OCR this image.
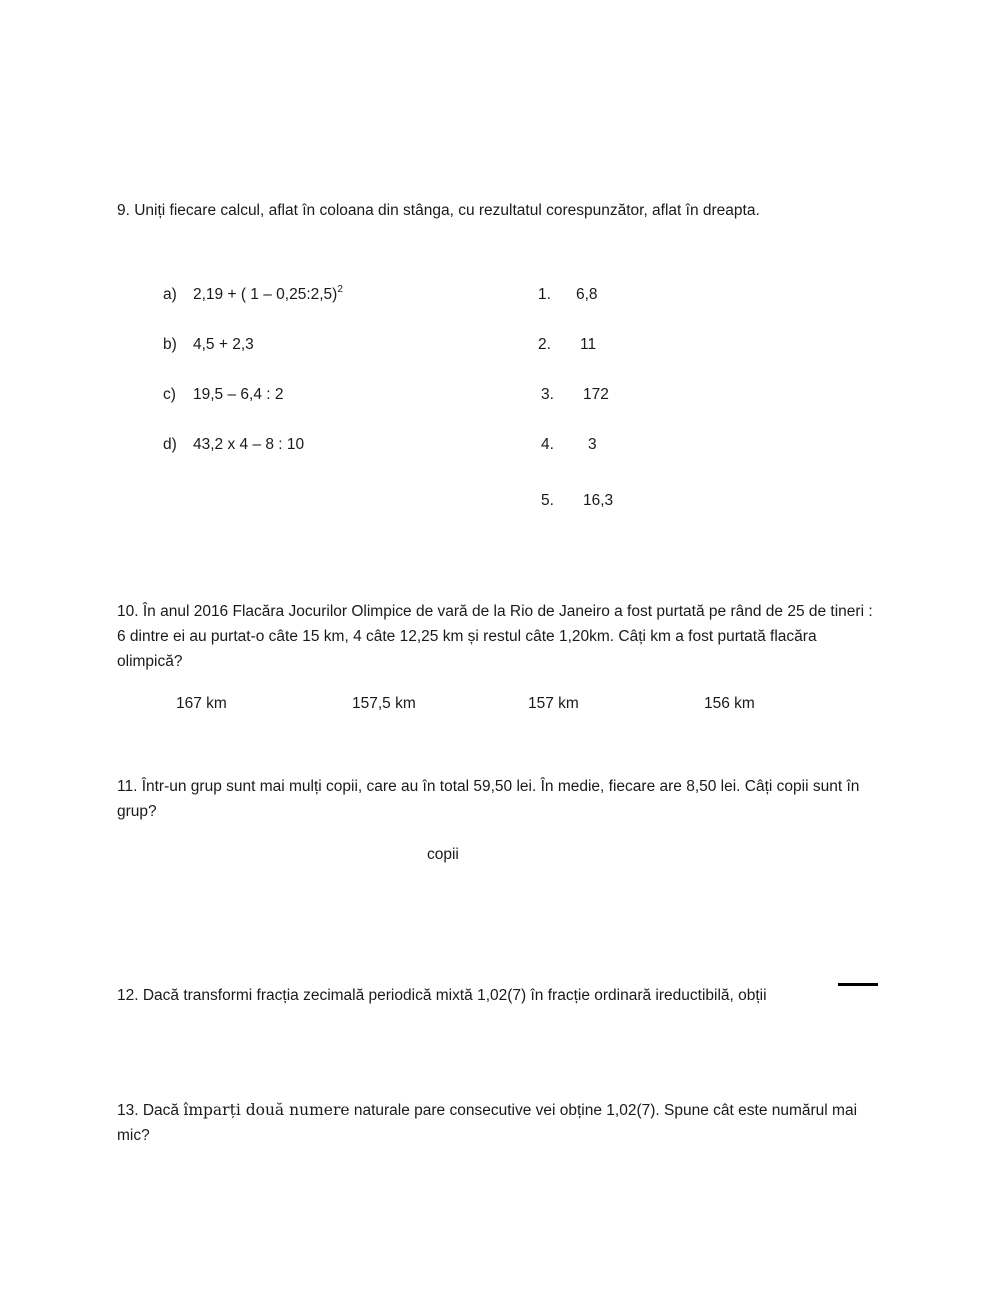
9. Uniți fiecare calcul, aflat în coloana din stânga, cu rezultatul corespunzător, aflat în dreapta.
a) 2,19 + ( 1 – 0,25:2,5)$^2$
b) 4,5 + 2,3
c) 19,5 – 6,4 : 2
d) 43,2 x 4 – 8 : 10
1. 6,8
2. 11
3. 172
4. 3
5. 16,3
10. În anul 2016 Flacăra Jocurilor Olimpice de vară de la Rio de Janeiro a fost purtată pe rând de 25 de tineri : 6 dintre ei au purtat-o câte 15 km, 4 câte 12,25 km și restul câte 1,20km. Câți km a fost purtată flacăra olimpică?
167 km	157,5 km	157 km	156 km
11. Într-un grup sunt mai mulți copii, care au în total 59,50 lei. În medie, fiecare are 8,50 lei. Câți copii sunt în grup?
copii
12. Dacă transformi fracția zecimală periodică mixtă 1,02(7) în fracție ordinară ireductibilă, obții
13. Dacă împarți două numere naturale pare consecutive vei obține 1,02(7). Spune cât este numărul mai mic?
